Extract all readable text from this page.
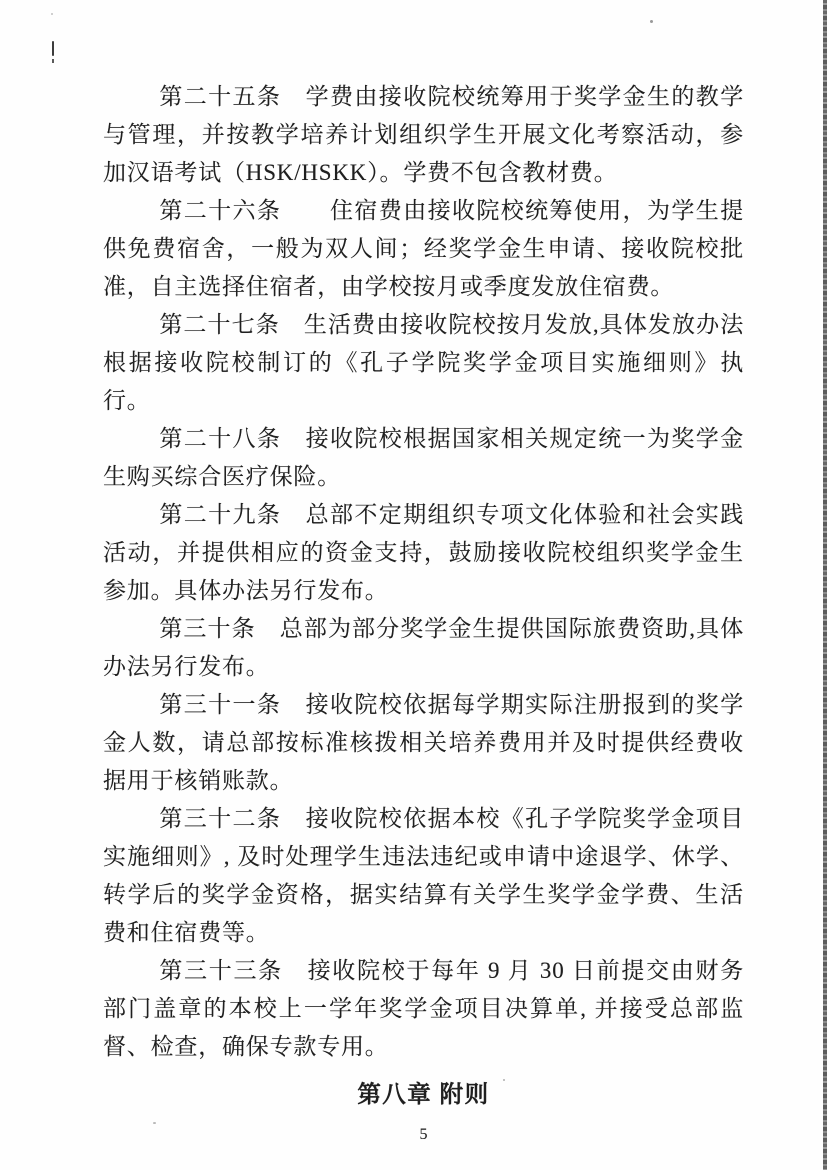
第二十五条　学费由接收院校统筹用于奖学金生的教学与管理，并按教学培养计划组织学生开展文化考察活动，参加汉语考试（HSK/HSKK）。学费不包含教材费。

第二十六条　　住宿费由接收院校统筹使用，为学生提供免费宿舍，一般为双人间；经奖学金生申请、接收院校批准，自主选择住宿者，由学校按月或季度发放住宿费。

第二十七条　生活费由接收院校按月发放,具体发放办法根据接收院校制订的《孔子学院奖学金项目实施细则》执行。

第二十八条　接收院校根据国家相关规定统一为奖学金生购买综合医疗保险。

第二十九条　总部不定期组织专项文化体验和社会实践活动，并提供相应的资金支持，鼓励接收院校组织奖学金生参加。具体办法另行发布。

第三十条　总部为部分奖学金生提供国际旅费资助,具体办法另行发布。

第三十一条　接收院校依据每学期实际注册报到的奖学金人数，请总部按标准核拨相关培养费用并及时提供经费收据用于核销账款。

第三十二条　接收院校依据本校《孔子学院奖学金项目实施细则》, 及时处理学生违法违纪或申请中途退学、休学、转学后的奖学金资格，据实结算有关学生奖学金学费、生活费和住宿费等。

第三十三条　接收院校于每年 9 月 30 日前提交由财务部门盖章的本校上一学年奖学金项目决算单, 并接受总部监督、检查，确保专款专用。

第八章 附则
5
